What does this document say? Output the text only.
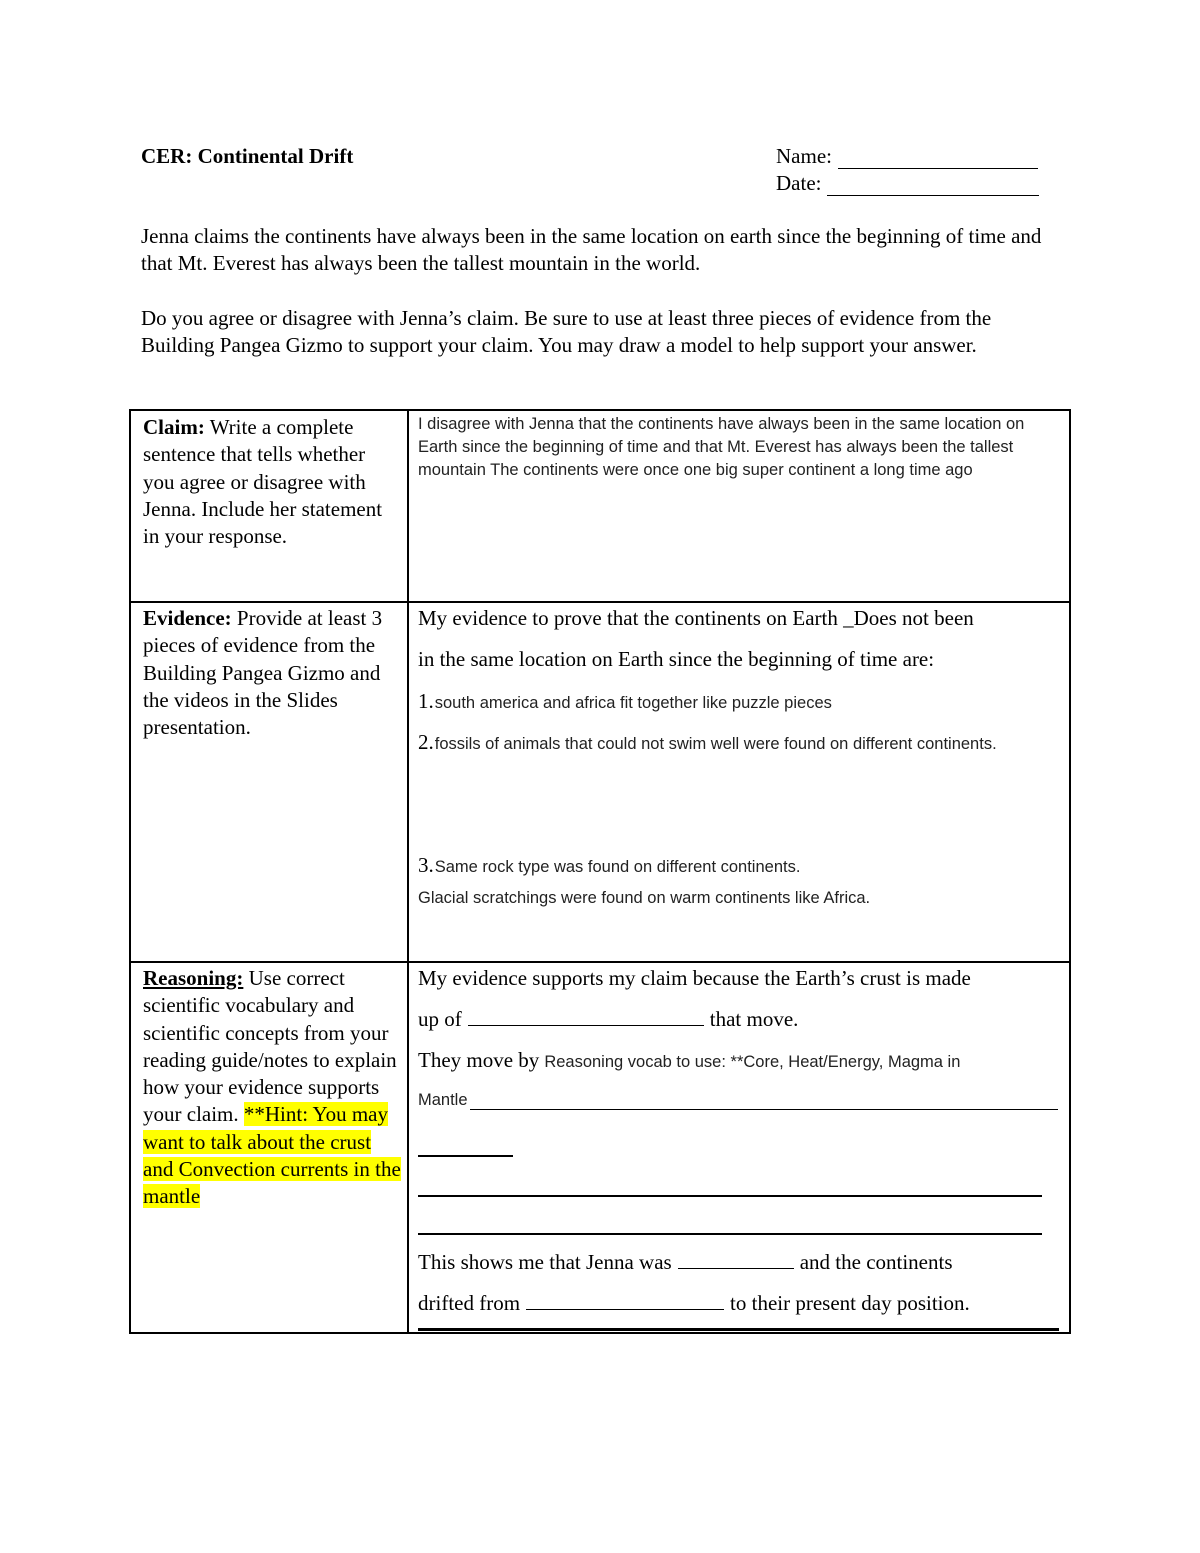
CER: Continental Drift	Name:
Date:
Jenna claims the continents have always been in the same location on earth since the beginning of time and that Mt. Everest has always been the tallest mountain in the world.
Do you agree or disagree with Jenna’s claim. Be sure to use at least three pieces of evidence from the Building Pangea Gizmo to support your claim. You may draw a model to help support your answer.
Claim: Write a complete sentence that tells whether you agree or disagree with Jenna. Include her statement in your response.
I disagree with Jenna that the continents have always been in the same location on Earth since the beginning of time and that Mt. Everest has always been the tallest mountain The continents were once one big super continent a long time ago
Evidence: Provide at least 3 pieces of evidence from the Building Pangea Gizmo and the videos in the Slides presentation.
My evidence to prove that the continents on Earth _Does not been
in the same location on Earth since the beginning of time are:
1. south america and africa fit together like puzzle pieces
2. fossils of animals that could not swim well were found on different continents.
3. Same rock type was found on different continents.
Glacial scratchings were found on warm continents like Africa.
Reasoning: Use correct scientific vocabulary and scientific concepts from your reading guide/notes to explain how your evidence supports your claim. **Hint: You may want to talk about the crust and Convection currents in the mantle
My evidence supports my claim because the Earth’s crust is made
up of	that move.
They move by Reasoning vocab to use: **Core, Heat/Energy, Magma in
Mantle
This shows me that Jenna was	and the continents
drifted from	to their present day position.
